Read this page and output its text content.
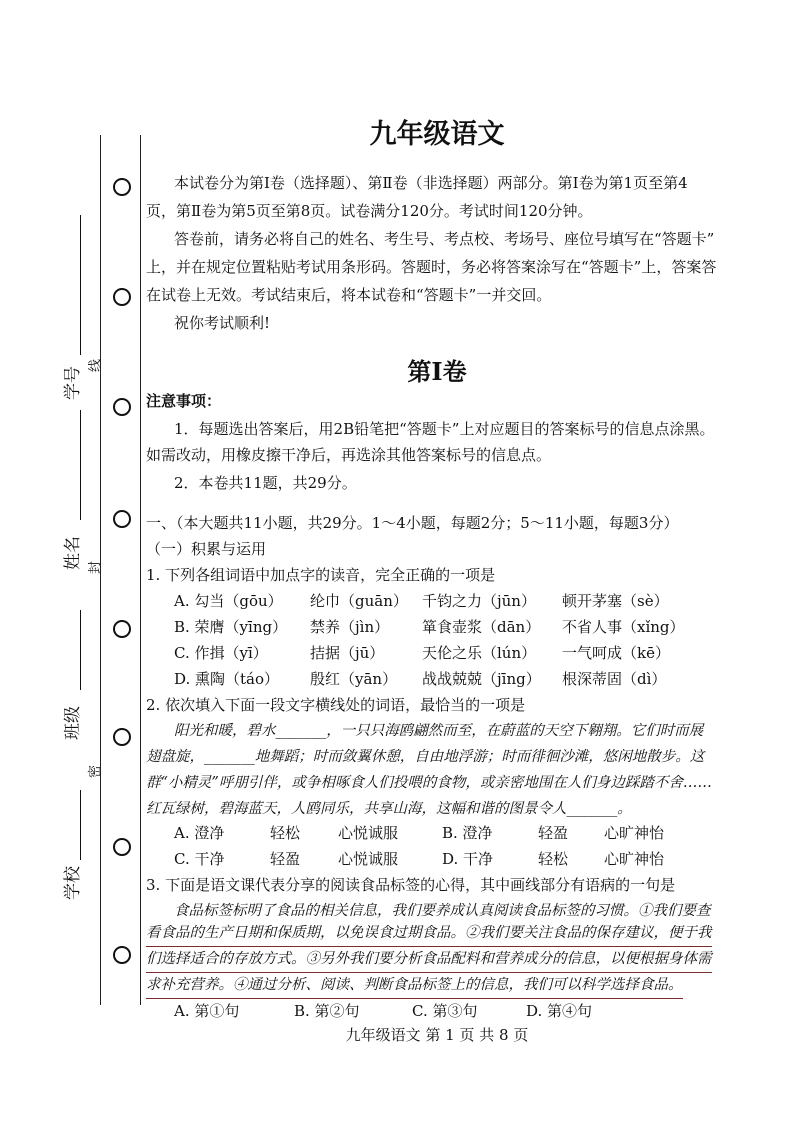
学校
班级
姓名
学号
线
封
密
九年级语文
本试卷分为第Ⅰ卷（选择题）、第Ⅱ卷（非选择题）两部分。第Ⅰ卷为第1页至第4
页，第Ⅱ卷为第5页至第8页。试卷满分120分。考试时间120分钟。
答卷前，请务必将自己的姓名、考生号、考点校、考场号、座位号填写在“答题卡”
上，并在规定位置粘贴考试用条形码。答题时，务必将答案涂写在“答题卡”上，答案答
在试卷上无效。考试结束后，将本试卷和“答题卡”一并交回。
祝你考试顺利!
第Ⅰ卷
注意事项：
1．每题选出答案后，用2B铅笔把“答题卡”上对应题目的答案标号的信息点涂黑。
如需改动，用橡皮擦干净后，再选涂其他答案标号的信息点。
2．本卷共11题，共29分。
一、（本大题共11小题，共29分。1～4小题，每题2分；5～11小题，每题3分）
（一）积累与运用
1. 下列各组词语中加点字的读音，完全正确的一项是
A. 勾当（gōu） 纶巾（guān） 千钧之力（jūn） 顿开茅塞（sè）
B. 荣膺（yīng） 禁养（jìn） 箪食壶浆（dān） 不省人事（xǐng）
C. 作揖（yī）	拮据（jū）	天伦之乐（lún） 一气呵成（kē）
D. 熏陶（táo） 殷红（yān） 战战兢兢（jīng） 根深蒂固（dì）
2. 依次填入下面一段文字横线处的词语，最恰当的一项是
阳光和暖，碧水_______，一只只海鸥翩然而至，在蔚蓝的天空下翱翔。它们时而展
翅盘旋，_______地舞蹈；时而敛翼休憩，自由地浮游；时而徘徊沙滩，悠闲地散步。这
群“小精灵”呼朋引伴，或争相啄食人们投喂的食物，或亲密地围在人们身边踩踏不舍……
红瓦绿树，碧海蓝天，人鸥同乐，共享山海，这幅和谐的图景令人_______。
A. 澄净	轻松	心悦诚服	B. 澄净	轻盈 心旷神怡
C. 干净	轻盈	心悦诚服	D. 干净	轻松 心旷神怡
3. 下面是语文课代表分享的阅读食品标签的心得，其中画线部分有语病的一句是
食品标签标明了食品的相关信息，我们要养成认真阅读食品标签的习惯。①我们要查
看食品的生产日期和保质期，以免误食过期食品。②我们要关注食品的保存建议，便于我
们选择适合的存放方式。③另外我们要分析食品配料和营养成分的信息，以便根据身体需
求补充营养。④通过分析、阅读、判断食品标签上的信息，我们可以科学选择食品。
A. 第①句	B. 第②句	C. 第③句	D. 第④句
九年级语文 第 1 页 共 8 页
